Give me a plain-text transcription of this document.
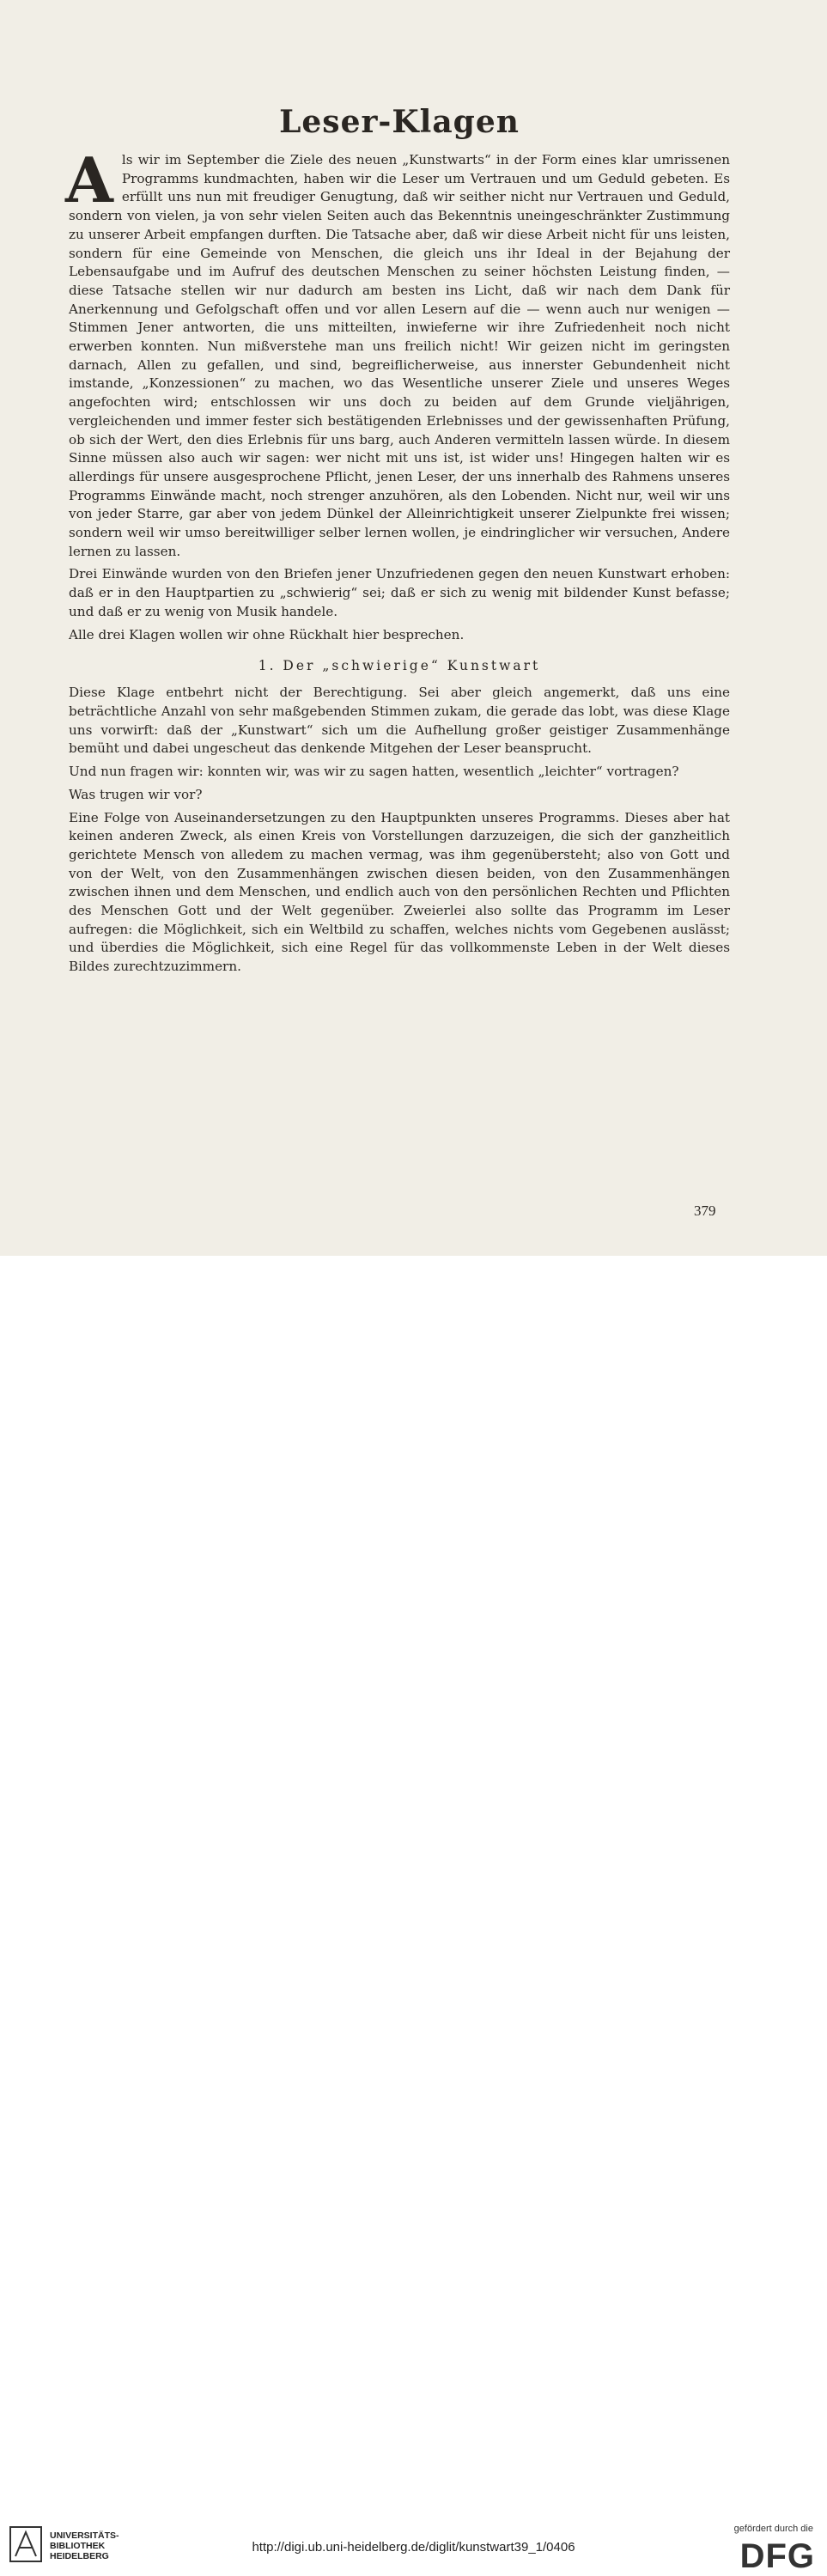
Leser-Klagen

Als wir im September die Ziele des neuen „Kunstwarts“ in der Form eines klar umrissenen Programms kundmachten, haben wir die Leser um Vertrauen und um Geduld gebeten. Es erfüllt uns nun mit freudiger Genugtung, daß wir seither nicht nur Vertrauen und Geduld, sondern von vielen, ja von sehr vielen Seiten auch das Bekenntnis uneingeschränkter Zustimmung zu unserer Arbeit empfangen durften. Die Tatsache aber, daß wir diese Arbeit nicht für uns leisten, sondern für eine Gemeinde von Menschen, die gleich uns ihr Ideal in der Bejahung der Lebensaufgabe und im Aufruf des deutschen Menschen zu seiner höchsten Leistung finden, — diese Tatsache stellen wir nur dadurch am besten ins Licht, daß wir nach dem Dank für Anerkennung und Gefolgschaft offen und vor allen Lesern auf die — wenn auch nur wenigen — Stimmen Jener antworten, die uns mitteilten, inwieferne wir ihre Zufriedenheit noch nicht erwerben konnten. Nun mißverstehe man uns freilich nicht! Wir geizen nicht im geringsten darnach, Allen zu gefallen, und sind, begreiflicherweise, aus innerster Gebundenheit nicht imstande, „Konzessionen“ zu machen, wo das Wesentliche unserer Ziele und unseres Weges angefochten wird; entschlossen wir uns doch zu beiden auf dem Grunde vieljährigen, vergleichenden und immer fester sich bestätigenden Erlebnisses und der gewissenhaften Prüfung, ob sich der Wert, den dies Erlebnis für uns barg, auch Anderen vermitteln lassen würde. In diesem Sinne müssen also auch wir sagen: wer nicht mit uns ist, ist wider uns! Hingegen halten wir es allerdings für unsere ausgesprochene Pflicht, jenen Leser, der uns innerhalb des Rahmens unseres Programms Einwände macht, noch strenger anzuhören, als den Lobenden. Nicht nur, weil wir uns von jeder Starre, gar aber von jedem Dünkel der Alleinrichtigkeit unserer Zielpunkte frei wissen; sondern weil wir umso bereitwilliger selber lernen wollen, je eindringlicher wir versuchen, Andere lernen zu lassen.

Drei Einwände wurden von den Briefen jener Unzufriedenen gegen den neuen Kunstwart erhoben: daß er in den Hauptpartien zu „schwierig“ sei; daß er sich zu wenig mit bildender Kunst befasse; und daß er zu wenig von Musik handele.

Alle drei Klagen wollen wir ohne Rückhalt hier besprechen.

1. Der „schwierige“ Kunstwart

Diese Klage entbehrt nicht der Berechtigung. Sei aber gleich angemerkt, daß uns eine beträchtliche Anzahl von sehr maßgebenden Stimmen zukam, die gerade das lobt, was diese Klage uns vorwirft: daß der „Kunstwart“ sich um die Aufhellung großer geistiger Zusammenhänge bemüht und dabei ungescheut das denkende Mitgehen der Leser beansprucht.

Und nun fragen wir: konnten wir, was wir zu sagen hatten, wesentlich „leichter“ vortragen?

Was trugen wir vor?

Eine Folge von Auseinandersetzungen zu den Hauptpunkten unseres Programms. Dieses aber hat keinen anderen Zweck, als einen Kreis von Vorstellungen darzuzeigen, die sich der ganzheitlich gerichtete Mensch von alledem zu machen vermag, was ihm gegenübersteht; also von Gott und von der Welt, von den Zusammenhängen zwischen diesen beiden, von den Zusammenhängen zwischen ihnen und dem Menschen, und endlich auch von den persönlichen Rechten und Pflichten des Menschen Gott und der Welt gegenüber. Zweierlei also sollte das Programm im Leser aufregen: die Möglichkeit, sich ein Weltbild zu schaffen, welches nichts vom Gegebenen auslässt; und überdies die Möglichkeit, sich eine Regel für das vollkommenste Leben in der Welt dieses Bildes zurechtzuzimmern.

379
UNIVERSITÄTS-
BIBLIOTHEK
HEIDELBERG
http://digi.ub.uni-heidelberg.de/diglit/kunstwart39_1/0406
gefördert durch die
DFG
